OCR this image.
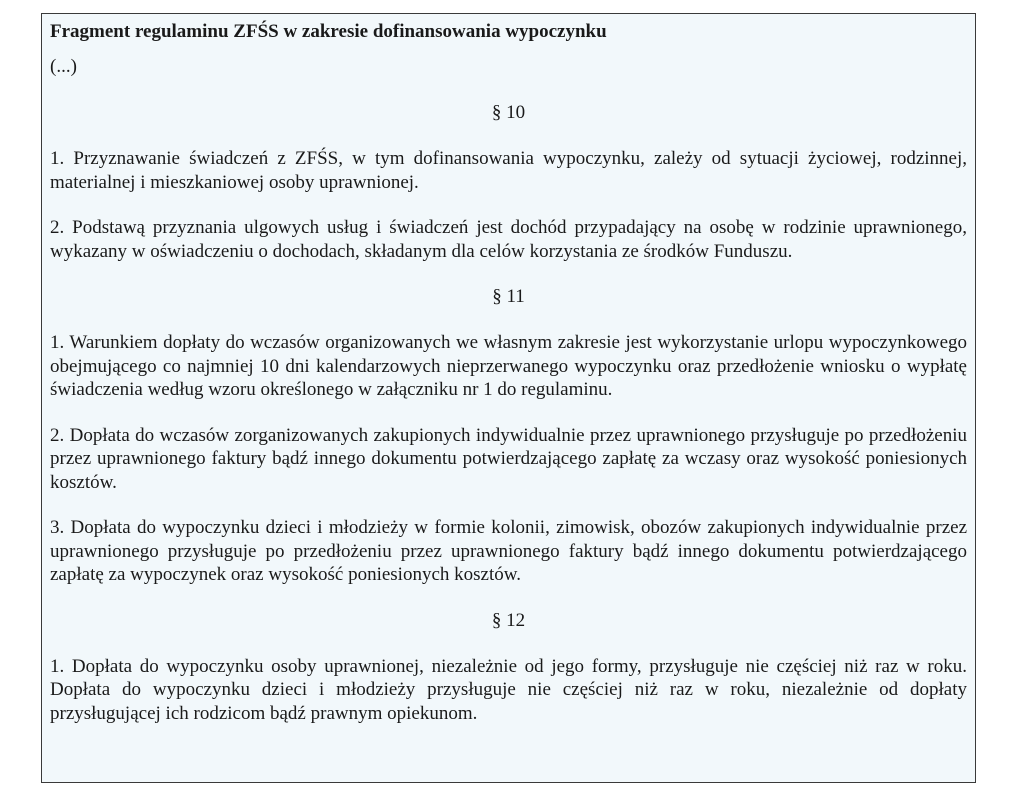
Fragment regulaminu ZFŚS w zakresie dofinansowania wypoczynku
(...)
§ 10

1. Przyznawanie świadczeń z ZFŚS, w tym dofinansowania wypoczynku, zależy od sytuacji życiowej, rodzinnej, materialnej i mieszkaniowej osoby uprawnionej.

2. Podstawą przyznania ulgowych usług i świadczeń jest dochód przypadający na osobę w rodzinie uprawnionego, wykazany w oświadczeniu o dochodach, składanym dla celów korzystania ze środków Funduszu.

§ 11

1. Warunkiem dopłaty do wczasów organizowanych we własnym zakresie jest wykorzystanie urlopu wypoczynkowego obejmującego co najmniej 10 dni kalendarzowych nieprzerwanego wypoczynku oraz przedłożenie wniosku o wypłatę świadczenia według wzoru określonego w załączniku nr 1 do regulaminu.

2. Dopłata do wczasów zorganizowanych zakupionych indywidualnie przez uprawnionego przysługuje po przedłożeniu przez uprawnionego faktury bądź innego dokumentu potwierdzającego zapłatę za wczasy oraz wysokość poniesionych kosztów.

3. Dopłata do wypoczynku dzieci i młodzieży w formie kolonii, zimowisk, obozów zakupionych indywidualnie przez uprawnionego przysługuje po przedłożeniu przez uprawnionego faktury bądź innego dokumentu potwierdzającego zapłatę za wypoczynek oraz wysokość poniesionych kosztów.

§ 12

1. Dopłata do wypoczynku osoby uprawnionej, niezależnie od jego formy, przysługuje nie częściej niż raz w roku. Dopłata do wypoczynku dzieci i młodzieży przysługuje nie częściej niż raz w roku, niezależnie od dopłaty przysługującej ich rodzicom bądź prawnym opiekunom.
